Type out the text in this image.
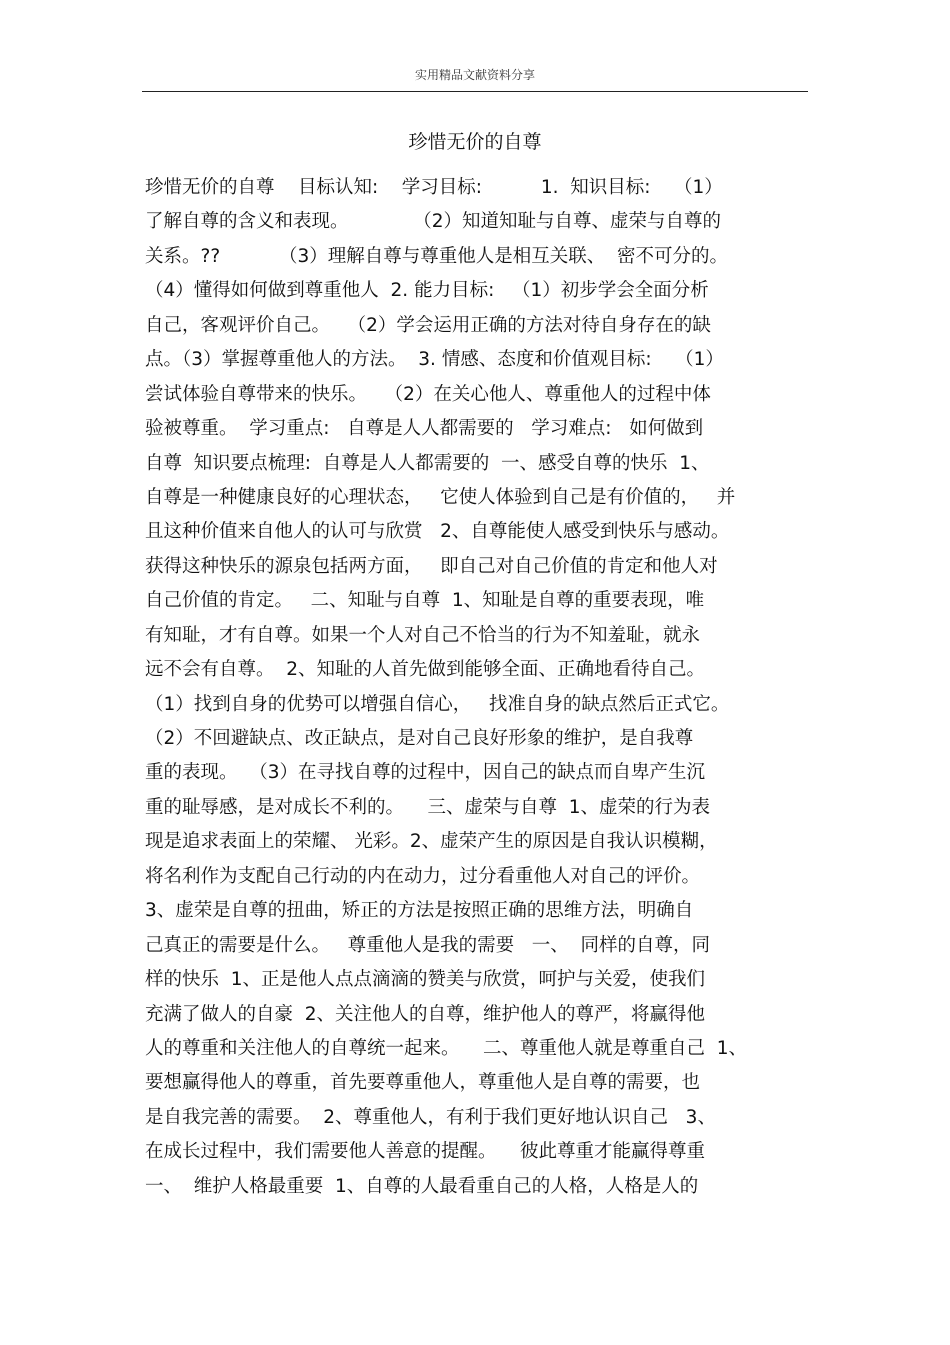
实用精品文献资料分享
珍惜无价的自尊
珍惜无价的自尊    目标认知:    学习目标:          1.  知识目标:    （1）
了解自尊的含义和表现。           （2）知道知耻与自尊、虚荣与自尊的
关系。??          （3）理解自尊与尊重他人是相互关联、  密不可分的。
（4）懂得如何做到尊重他人  2. 能力目标:   （1）初步学会全面分析
自己，客观评价自己。   （2）学会运用正确的方法对待自身存在的缺
点。（3）掌握尊重他人的方法。  3. 情感、态度和价值观目标:    （1）
尝试体验自尊带来的快乐。   （2）在关心他人、尊重他人的过程中体
验被尊重。  学习重点:   自尊是人人都需要的   学习难点:   如何做到
自尊  知识要点梳理:  自尊是人人都需要的  一、感受自尊的快乐  1、
自尊是一种健康良好的心理状态，   它使人体验到自己是有价值的，   并
且这种价值来自他人的认可与欣赏   2、自尊能使人感受到快乐与感动。
获得这种快乐的源泉包括两方面，   即自己对自己价值的肯定和他人对
自己价值的肯定。   二、知耻与自尊  1、知耻是自尊的重要表现，唯
有知耻，才有自尊。如果一个人对自己不恰当的行为不知羞耻，就永
远不会有自尊。  2、知耻的人首先做到能够全面、正确地看待自己。
（1）找到自身的优势可以增强自信心，   找准自身的缺点然后正式它。
（2）不回避缺点、改正缺点，是对自己良好形象的维护，是自我尊
重的表现。  （3）在寻找自尊的过程中，因自己的缺点而自卑产生沉
重的耻辱感，是对成长不利的。    三、虚荣与自尊  1、虚荣的行为表
现是追求表面上的荣耀、 光彩。2、虚荣产生的原因是自我认识模糊，
将名利作为支配自己行动的内在动力，过分看重他人对自己的评价。
3、虚荣是自尊的扭曲，矫正的方法是按照正确的思维方法，明确自
己真正的需要是什么。   尊重他人是我的需要   一、  同样的自尊，同
样的快乐  1、正是他人点点滴滴的赞美与欣赏，呵护与关爱，使我们
充满了做人的自豪  2、关注他人的自尊，维护他人的尊严，将赢得他
人的尊重和关注他人的自尊统一起来。    二、尊重他人就是尊重自己  1、
要想赢得他人的尊重，首先要尊重他人，尊重他人是自尊的需要，也
是自我完善的需要。  2、尊重他人，有利于我们更好地认识自己   3、
在成长过程中，我们需要他人善意的提醒。    彼此尊重才能赢得尊重
一、  维护人格最重要  1、自尊的人最看重自己的人格，人格是人的
